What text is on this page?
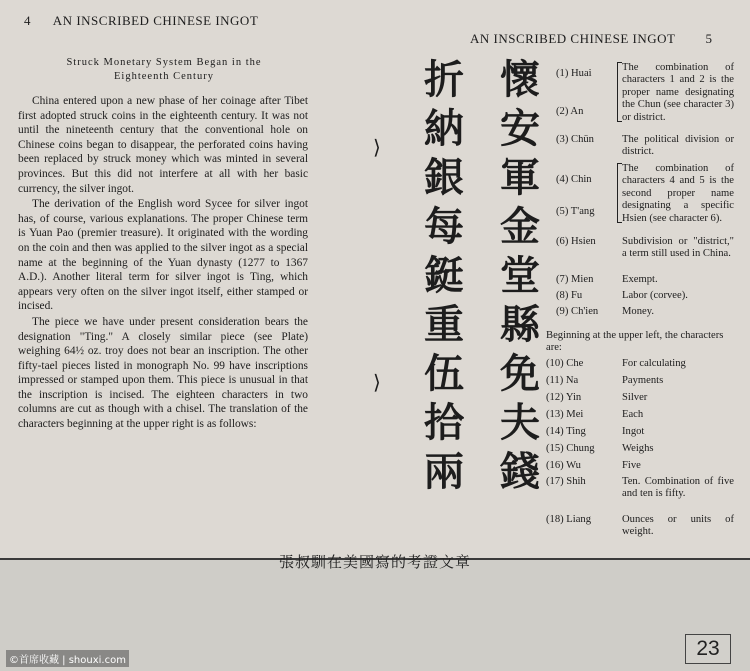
4 AN INSCRIBED CHINESE INGOT
AN INSCRIBED CHINESE INGOT 5
Struck Monetary System Began in the
Eighteenth Century

China entered upon a new phase of her coinage after Tibet first adopted struck coins in the eighteenth century. It was not until the nineteenth century that the conventional hole on Chinese coins began to disappear, the perforated coins having been replaced by struck money which was minted in several provinces. But this did not interfere at all with her basic currency, the silver ingot.

The derivation of the English word Sycee for silver ingot has, of course, various explanations. The proper Chinese term is Yuan Pao (premier treasure). It originated with the wording on the coin and then was applied to the silver ingot as a special name at the beginning of the Yuan dynasty (1277 to 1367 A.D.). Another literal term for silver ingot is Ting, which appears very often on the silver ingot itself, either stamped or incised.

The piece we have under present consideration bears the designation "Ting." A closely similar piece (see Plate) weighing 64½ oz. troy does not bear an inscription. The other fifty-tael pieces listed in monograph No. 99 have inscriptions impressed or stamped upon them. This piece is unusual in that the inscription is incised. The eighteen characters in two columns are cut as though with a chisel. The translation of the characters beginning at the upper right is as follows:

⟩
⟩
懷
安
軍
金
堂
縣
免
夫
錢
折
納
銀
每
鋌
重
伍
拾
兩
(1) Huai
(2) An
(3) Chün	The political division or district.
(4) Chin
(5) T'ang
(6) Hsien Subdivision or "district," a term still used in China.
(7) Mien	Exempt.
(8) Fu	Labor (corvee).
(9) Ch'ien Money.
The combination of characters 1 and 2 is the proper name designating the Chun (see character 3) or district.
The combination of characters 4 and 5 is the second proper name designating a specific Hsien (see character 6).
Beginning at the upper left, the characters are:
(10) Che	For calculating
(11) Na	Payments
(12) Yin	Silver
(13) Mei	Each
(14) Ting	Ingot
(15) Chung	Weighs
(16) Wu	Five
(17) Shih	Ten. Combination of five and ten is fifty.
(18) Liang	Ounces or units of weight.
張叔馴在美國寫的考證文章
23
©首席收藏 | shouxi.com
